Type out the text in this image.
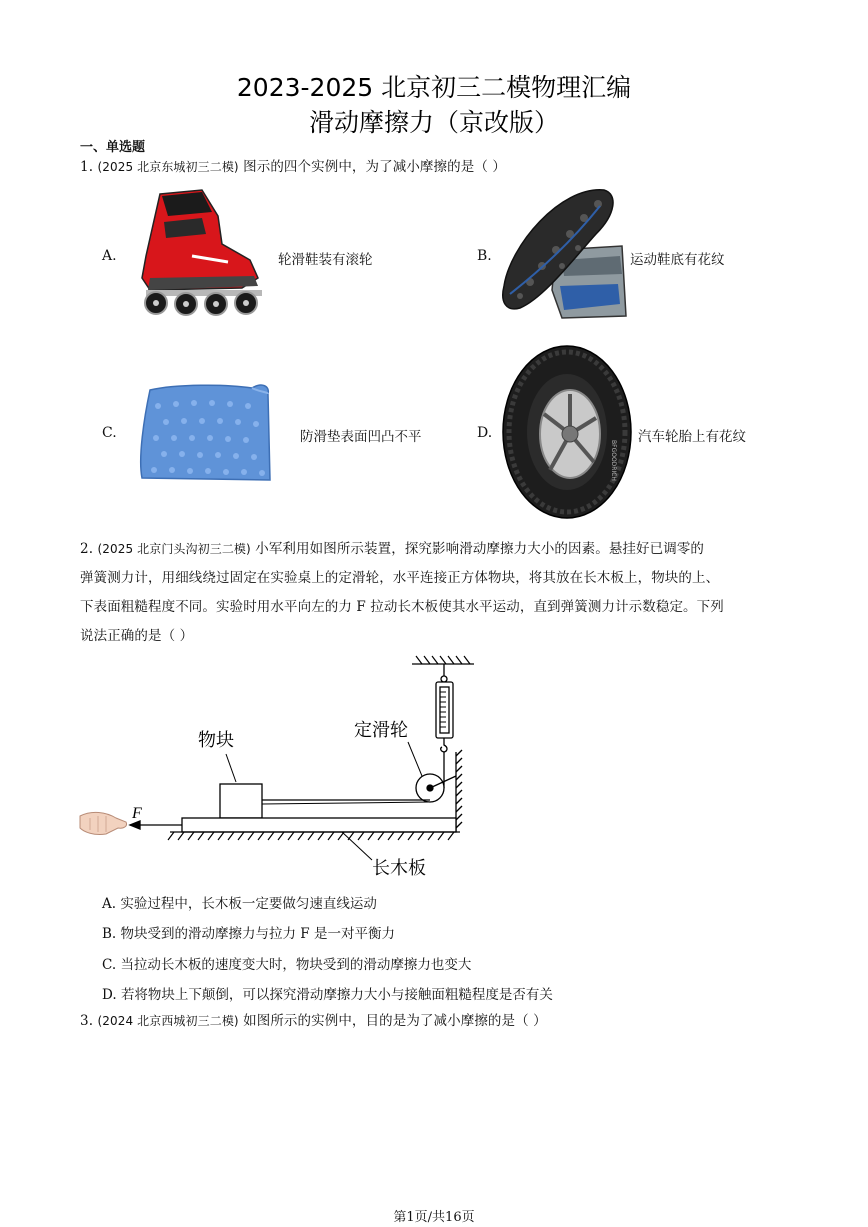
2023-2025 北京初三二模物理汇编
滑动摩擦力（京改版）
一、单选题
1. (2025 北京东城初三二模) 图示的四个实例中，为了减小摩擦的是（ ）
A.	轮滑鞋装有滚轮	B.	运动鞋底有花纹
C.	防滑垫表面凹凸不平	D.
BFGOODRICH
汽车轮胎上有花纹
2. (2025 北京门头沟初三二模) 小军利用如图所示装置，探究影响滑动摩擦力大小的因素。悬挂好已调零的
弹簧测力计，用细线绕过固定在实验桌上的定滑轮，水平连接正方体物块，将其放在长木板上，物块的上、
下表面粗糙程度不同。实验时用水平向左的力 F 拉动长木板使其水平运动，直到弹簧测力计示数稳定。下列
说法正确的是（ ）
物块	定滑轮
长木板
F
A. 实验过程中，长木板一定要做匀速直线运动
B. 物块受到的滑动摩擦力与拉力 F 是一对平衡力
C. 当拉动长木板的速度变大时，物块受到的滑动摩擦力也变大
D. 若将物块上下颠倒，可以探究滑动摩擦力大小与接触面粗糙程度是否有关
3. (2024 北京西城初三二模) 如图所示的实例中，目的是为了减小摩擦的是（ ）
第1页/共16页
